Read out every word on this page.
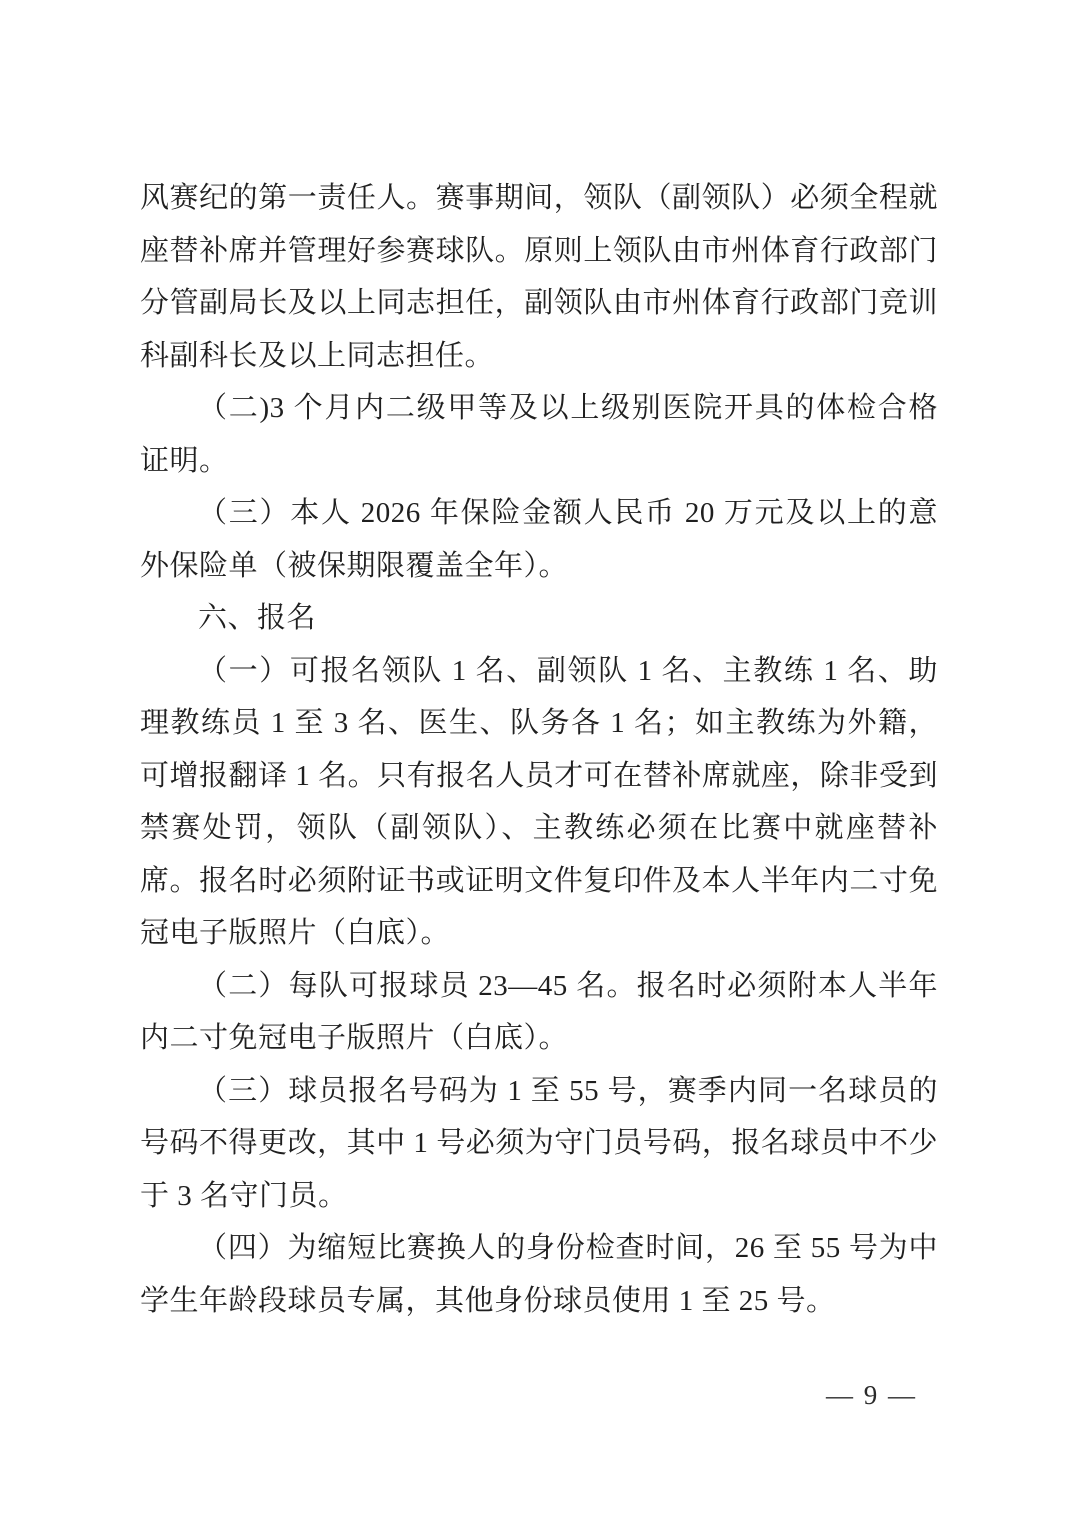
风赛纪的第一责任人。赛事期间，领队（副领队）必须全程就座替补席并管理好参赛球队。原则上领队由市州体育行政部门分管副局长及以上同志担任，副领队由市州体育行政部门竞训科副科长及以上同志担任。

（二)3 个月内二级甲等及以上级别医院开具的体检合格证明。

（三）本人 2026 年保险金额人民币 20 万元及以上的意外保险单（被保期限覆盖全年）。

六、报名

（一）可报名领队 1 名、副领队 1 名、主教练 1 名、助理教练员 1 至 3 名、医生、队务各 1 名；如主教练为外籍，可增报翻译 1 名。只有报名人员才可在替补席就座，除非受到禁赛处罚，领队（副领队）、主教练必须在比赛中就座替补席。报名时必须附证书或证明文件复印件及本人半年内二寸免冠电子版照片（白底）。

（二）每队可报球员 23—45 名。报名时必须附本人半年内二寸免冠电子版照片（白底）。

（三）球员报名号码为 1 至 55 号，赛季内同一名球员的号码不得更改，其中 1 号必须为守门员号码，报名球员中不少于 3 名守门员。

（四）为缩短比赛换人的身份检查时间，26 至 55 号为中学生年龄段球员专属，其他身份球员使用 1 至 25 号。

— 9 —
